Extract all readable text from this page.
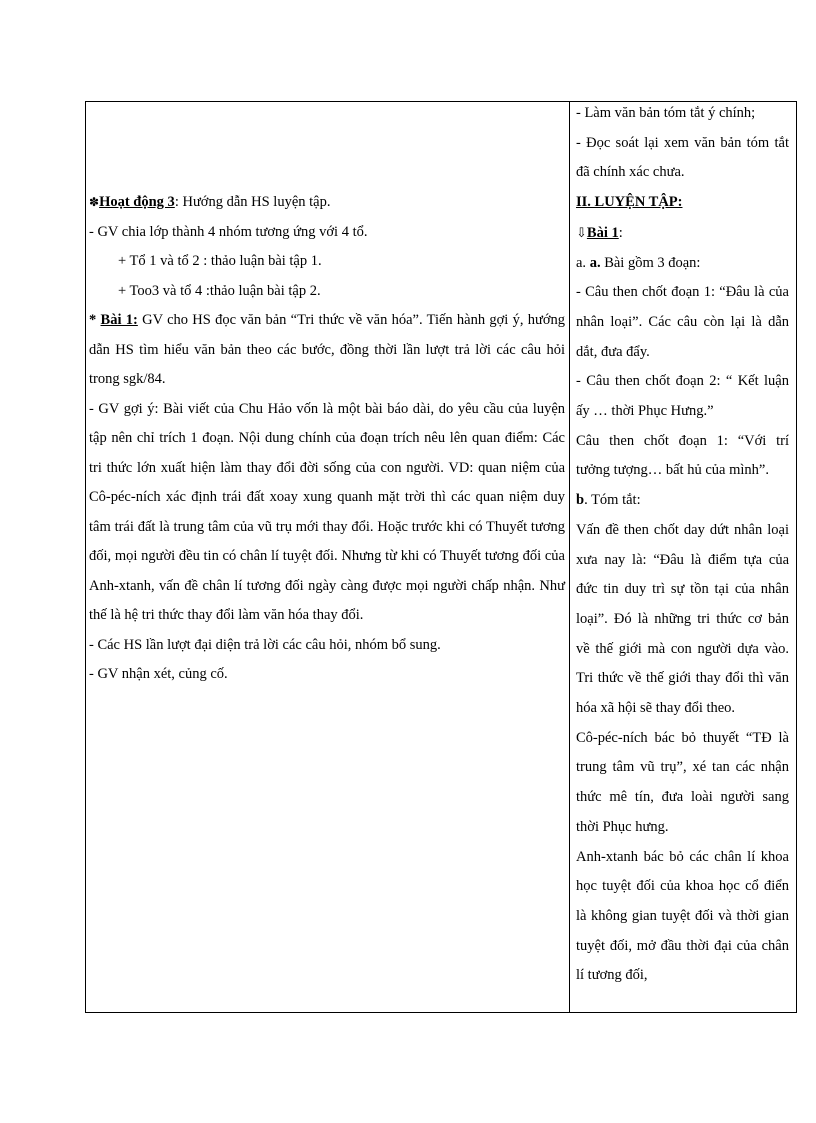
✽Hoạt động 3: Hướng dẫn HS luyện tập.

- GV chia lớp thành 4 nhóm tương ứng với 4 tổ.

+ Tổ 1 và tổ 2 : thảo luận bài tập 1.

+ Too3 và tổ 4 :thảo luận bài tập 2.

* Bài 1: GV cho HS đọc văn bản “Tri thức về văn hóa”. Tiến hành gợi ý, hướng dẫn HS tìm hiểu văn bản theo các bước, đồng thời lần lượt trả lời các câu hỏi trong sgk/84.

- GV gợi ý: Bài viết của Chu Hảo vốn là một bài báo dài, do yêu cầu của luyện tập nên chỉ trích 1 đoạn. Nội dung chính của đoạn trích nêu lên quan điểm: Các tri thức lớn xuất hiện làm thay đổi đời sống của con người. VD: quan niệm của Cô-péc-ních xác định trái đất xoay xung quanh mặt trời thì các quan niệm duy tâm trái đất là trung tâm của vũ trụ mới thay đổi. Hoặc trước khi có Thuyết tương đối, mọi người đều tin có chân lí tuyệt đối. Nhưng từ khi có Thuyết tương đối của Anh-xtanh, vấn đề chân lí tương đối ngày càng được mọi người chấp nhận. Như thế là hệ tri thức thay đổi làm văn hóa thay đổi.

- Các HS lần lượt đại diện trả lời các câu hỏi, nhóm bổ sung.

- GV nhận xét, củng cố.

- Làm văn bản tóm tắt ý chính;

- Đọc soát lại xem văn bản tóm tắt đã chính xác chưa.

II. LUYỆN TẬP:

⇩Bài 1:

a. a. Bài gồm 3 đoạn:

- Câu then chốt đoạn 1: “Đâu là của nhân loại”. Các câu còn lại là dẫn dắt, đưa đẩy.

- Câu then chốt đoạn 2: “ Kết luận ấy … thời Phục Hưng.”

Câu then chốt đoạn 1: “Với trí tưởng tượng… bất hủ của mình”.

b. Tóm tắt:

Vấn đề then chốt day dứt nhân loại xưa nay là: “Đâu là điểm tựa của đức tin duy trì sự tồn tại của nhân loại”. Đó là những tri thức cơ bản về thế giới mà con người dựa vào. Tri thức về thế giới thay đổi thì văn hóa xã hội sẽ thay đổi theo.

Cô-péc-ních bác bỏ thuyết “TĐ là trung tâm vũ trụ”, xé tan các nhận thức mê tín, đưa loài người sang thời Phục hưng.

Anh-xtanh bác bỏ các chân lí khoa học tuyệt đối của khoa học cổ điển là không gian tuyệt đối và thời gian tuyệt đối, mở đầu thời đại của chân lí tương đối,
